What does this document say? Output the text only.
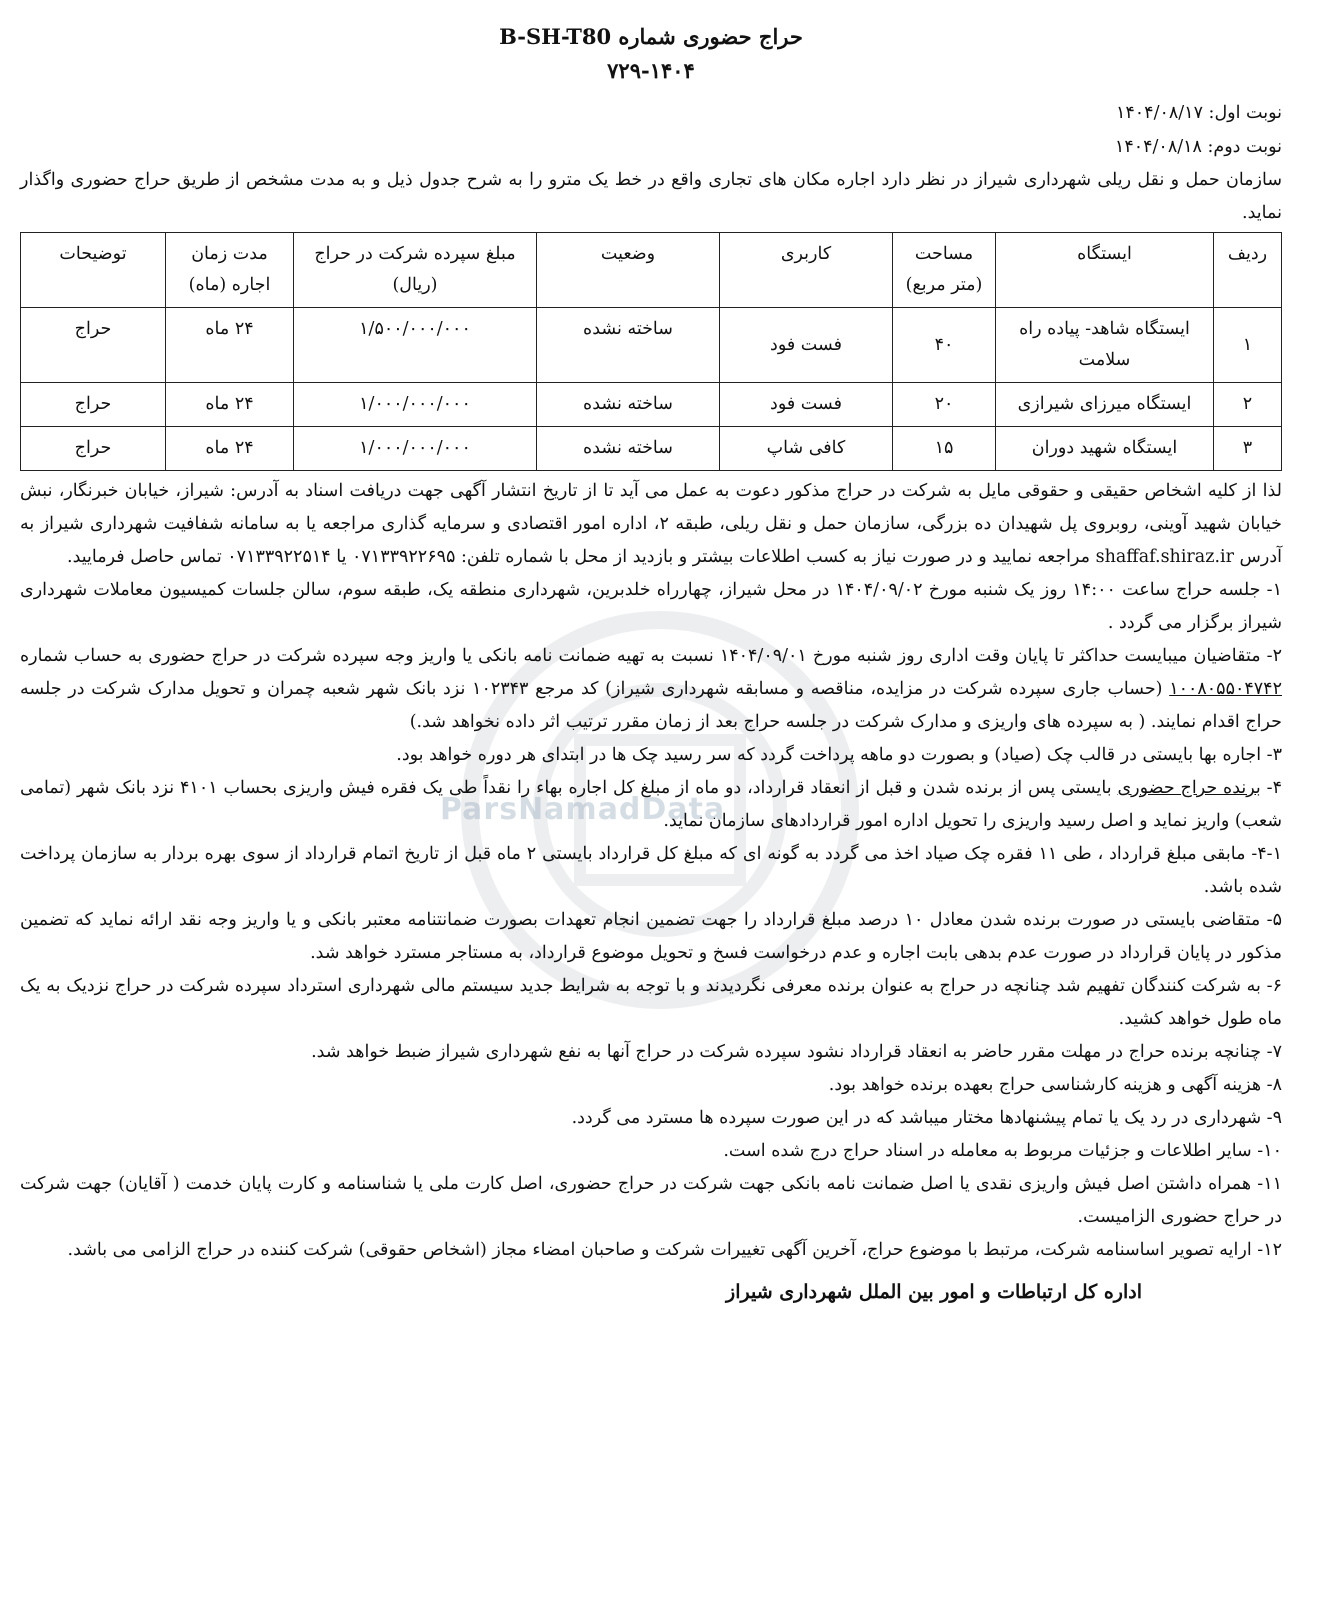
ParsNamadData

حراج حضوری شماره B-SH-T80

۷۲۹-۱۴۰۴

نوبت اول: ۱۴۰۴/۰۸/۱۷

نوبت دوم: ۱۴۰۴/۰۸/۱۸

سازمان حمل و نقل ریلی شهرداری شیراز در نظر دارد اجاره مکان های تجاری واقع در خط یک مترو را به شرح جدول ذیل و به مدت مشخص از طریق حراج حضوری واگذار نماید.

ردیف	ایستگاه	مساحت (متر مربع)	کاربری	وضعیت	مبلغ سپرده شرکت در حراج (ریال)	مدت زمان اجاره (ماه)	توضیحات
۱	ایستگاه شاهد- پیاده راه سلامت	۴۰	فست فود	ساخته نشده	۱/۵۰۰/۰۰۰/۰۰۰	۲۴ ماه	حراج
۲	ایستگاه میرزای شیرازی	۲۰	فست فود	ساخته نشده	۱/۰۰۰/۰۰۰/۰۰۰	۲۴ ماه	حراج
۳	ایستگاه شهید دوران	۱۵	کافی شاپ	ساخته نشده	۱/۰۰۰/۰۰۰/۰۰۰	۲۴ ماه	حراج

لذا از کلیه اشخاص حقیقی و حقوقی مایل به شرکت در حراج مذکور دعوت به عمل می آید تا از تاریخ انتشار آگهی جهت دریافت اسناد به آدرس: شیراز، خیابان خبرنگار، نبش خیابان شهید آوینی، روبروی پل شهیدان ده بزرگی، سازمان حمل و نقل ریلی، طبقه ۲، اداره امور اقتصادی و سرمایه گذاری مراجعه یا به سامانه شفافیت شهرداری شیراز به آدرس shaffaf.shiraz.ir مراجعه نمایید و در صورت نیاز به کسب اطلاعات بیشتر و بازدید از محل با شماره تلفن: ۰۷۱۳۳۹۲۲۶۹۵ یا ۰۷۱۳۳۹۲۲۵۱۴ تماس حاصل فرمایید.

۱- جلسه حراج ساعت ۱۴:۰۰ روز یک شنبه مورخ ۱۴۰۴/۰۹/۰۲ در محل شیراز، چهارراه خلدبرین، شهرداری منطقه یک، طبقه سوم، سالن جلسات کمیسیون معاملات شهرداری شیراز برگزار می گردد .

۲- متقاضیان میبایست حداکثر تا پایان وقت اداری روز شنبه مورخ ۱۴۰۴/۰۹/۰۱ نسبت به تهیه ضمانت نامه بانکی یا واریز وجه سپرده شرکت در حراج حضوری به حساب شماره ۱۰۰۸۰۵۵۰۴۷۴۲ (حساب جاری سپرده شرکت در مزایده، مناقصه و مسابقه شهرداری شیراز) کد مرجع ۱۰۲۳۴۳ نزد بانک شهر شعبه چمران و تحویل مدارک شرکت در جلسه حراج اقدام نمایند. ( به سپرده های واریزی و مدارک شرکت در جلسه حراج بعد از زمان مقرر ترتیب اثر داده نخواهد شد.)

۳- اجاره بها بایستی در قالب چک (صیاد) و بصورت دو ماهه پرداخت گردد که سر رسید چک ها در ابتدای هر دوره خواهد بود.

۴- برنده حراج حضوری بایستی پس از برنده شدن و قبل از انعقاد قرارداد، دو ماه از مبلغ کل اجاره بهاء را نقداً طی یک فقره فیش واریزی بحساب ۴۱۰۱ نزد بانک شهر (تمامی شعب) واریز نماید و اصل رسید واریزی را تحویل اداره امور قراردادهای سازمان نماید.

۴-۱- مابقی مبلغ قرارداد ، طی ۱۱ فقره چک صیاد اخذ می گردد به گونه ای که مبلغ کل قرارداد بایستی ۲ ماه قبل از تاریخ اتمام قرارداد از سوی بهره بردار به سازمان پرداخت شده باشد.

۵- متقاضی بایستی در صورت برنده شدن معادل ۱۰ درصد مبلغ قرارداد را جهت تضمین انجام تعهدات بصورت ضمانتنامه معتبر بانکی و یا واریز وجه نقد ارائه نماید که تضمین مذکور در پایان قرارداد در صورت عدم بدهی بابت اجاره و عدم درخواست فسخ و تحویل موضوع قرارداد، به مستاجر مسترد خواهد شد.

۶- به شرکت کنندگان تفهیم شد چنانچه در حراج به عنوان برنده معرفی نگردیدند و با توجه به شرایط جدید سیستم مالی شهرداری استرداد سپرده شرکت در حراج نزدیک به یک ماه طول خواهد کشید.

۷- چنانچه برنده حراج در مهلت مقرر حاضر به انعقاد قرارداد نشود سپرده شرکت در حراج آنها به نفع شهرداری شیراز ضبط خواهد شد.

۸- هزینه آگهی و هزینه کارشناسی حراج بعهده برنده خواهد بود.

۹- شهرداری در رد یک یا تمام پیشنهادها مختار میباشد که در این صورت سپرده ها مسترد می گردد.

۱۰- سایر اطلاعات و جزئیات مربوط به معامله در اسناد حراج درج شده است.

۱۱- همراه داشتن اصل فیش واریزی نقدی یا اصل ضمانت نامه بانکی جهت شرکت در حراج حضوری، اصل کارت ملی یا شناسنامه و کارت پایان خدمت ( آقایان) جهت شرکت در حراج حضوری الزامیست.

۱۲- ارایه تصویر اساسنامه شرکت، مرتبط با موضوع حراج، آخرین آگهی تغییرات شرکت و صاحبان امضاء مجاز (اشخاص حقوقی) شرکت کننده در حراج الزامی می باشد.

اداره کل ارتباطات و امور بین الملل شهرداری شیراز
